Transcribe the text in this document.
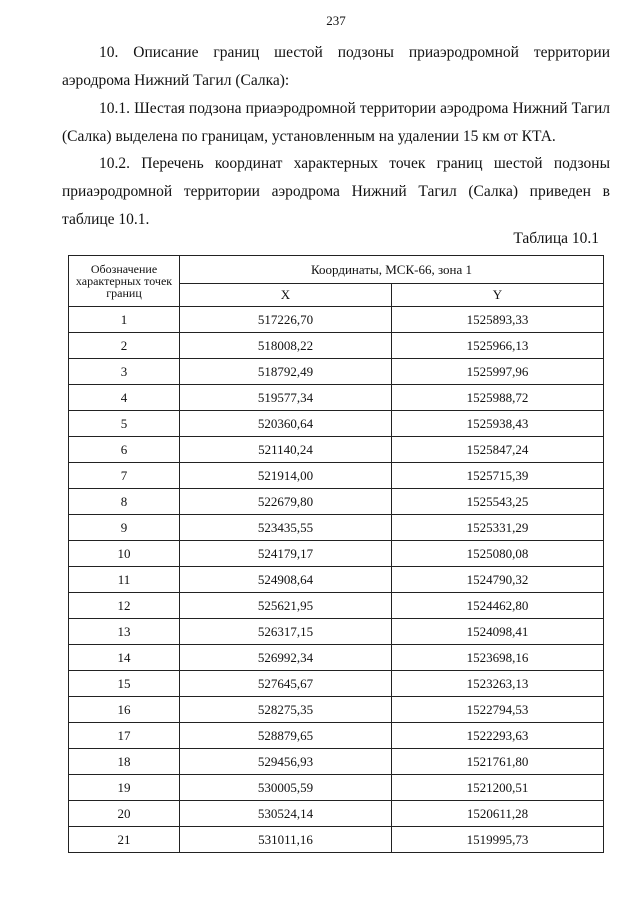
237

10. Описание границ шестой подзоны приаэродромной территории аэродрома Нижний Тагил (Салка):

10.1. Шестая подзона приаэродромной территории аэродрома Нижний Тагил (Салка) выделена по границам, установленным на удалении 15 км от КТА.

10.2. Перечень координат характерных точек границ шестой подзоны приаэродромной территории аэродрома Нижний Тагил (Салка) приведен в таблице 10.1.

Таблица 10.1
Обозначение характерных точек границ	Координаты, МСК-66, зона 1	
	X	Y
1	517226,70	1525893,33
2	518008,22	1525966,13
3	518792,49	1525997,96
4	519577,34	1525988,72
5	520360,64	1525938,43
6	521140,24	1525847,24
7	521914,00	1525715,39
8	522679,80	1525543,25
9	523435,55	1525331,29
10	524179,17	1525080,08
11	524908,64	1524790,32
12	525621,95	1524462,80
13	526317,15	1524098,41
14	526992,34	1523698,16
15	527645,67	1523263,13
16	528275,35	1522794,53
17	528879,65	1522293,63
18	529456,93	1521761,80
19	530005,59	1521200,51
20	530524,14	1520611,28
21	531011,16	1519995,73
